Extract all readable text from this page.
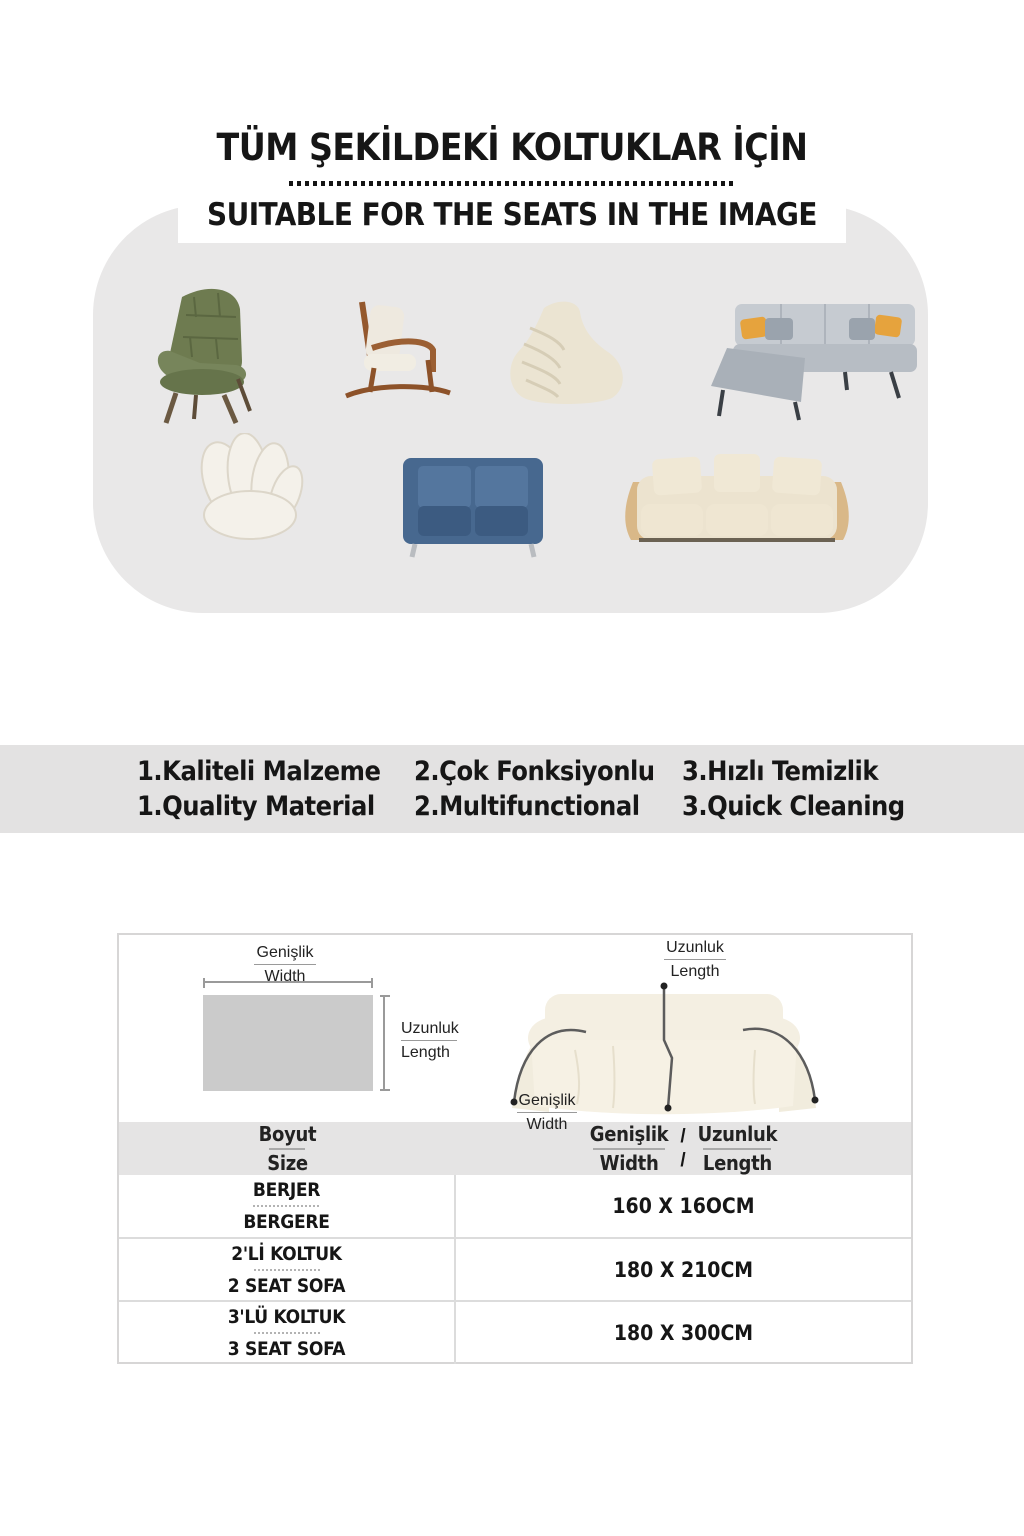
TÜM ŞEKİLDEKİ KOLTUKLAR İÇİN
SUITABLE FOR THE SEATS IN THE IMAGE
1.Kaliteli Malzeme
1.Quality Material
2.Çok Fonksiyonlu
2.Multifunctional
3.Hızlı Temizlik
3.Quick Cleaning
Genişlik
Width
Uzunluk
Length
Uzunluk
Length
Genişlik
Width
$\frac{\text{Boyut}}{\text{Size}}$	$\frac{\text{Genişlik}}{\text{Width}}$ /
/ $\frac{\text{Uzunluk}}{\text{Length}}$
BERJER
BERGERE
160 X 16OCM
2'Lİ KOLTUK
2 SEAT SOFA
180 X 210CM
3'LÜ KOLTUK
3 SEAT SOFA
180 X 300CM
